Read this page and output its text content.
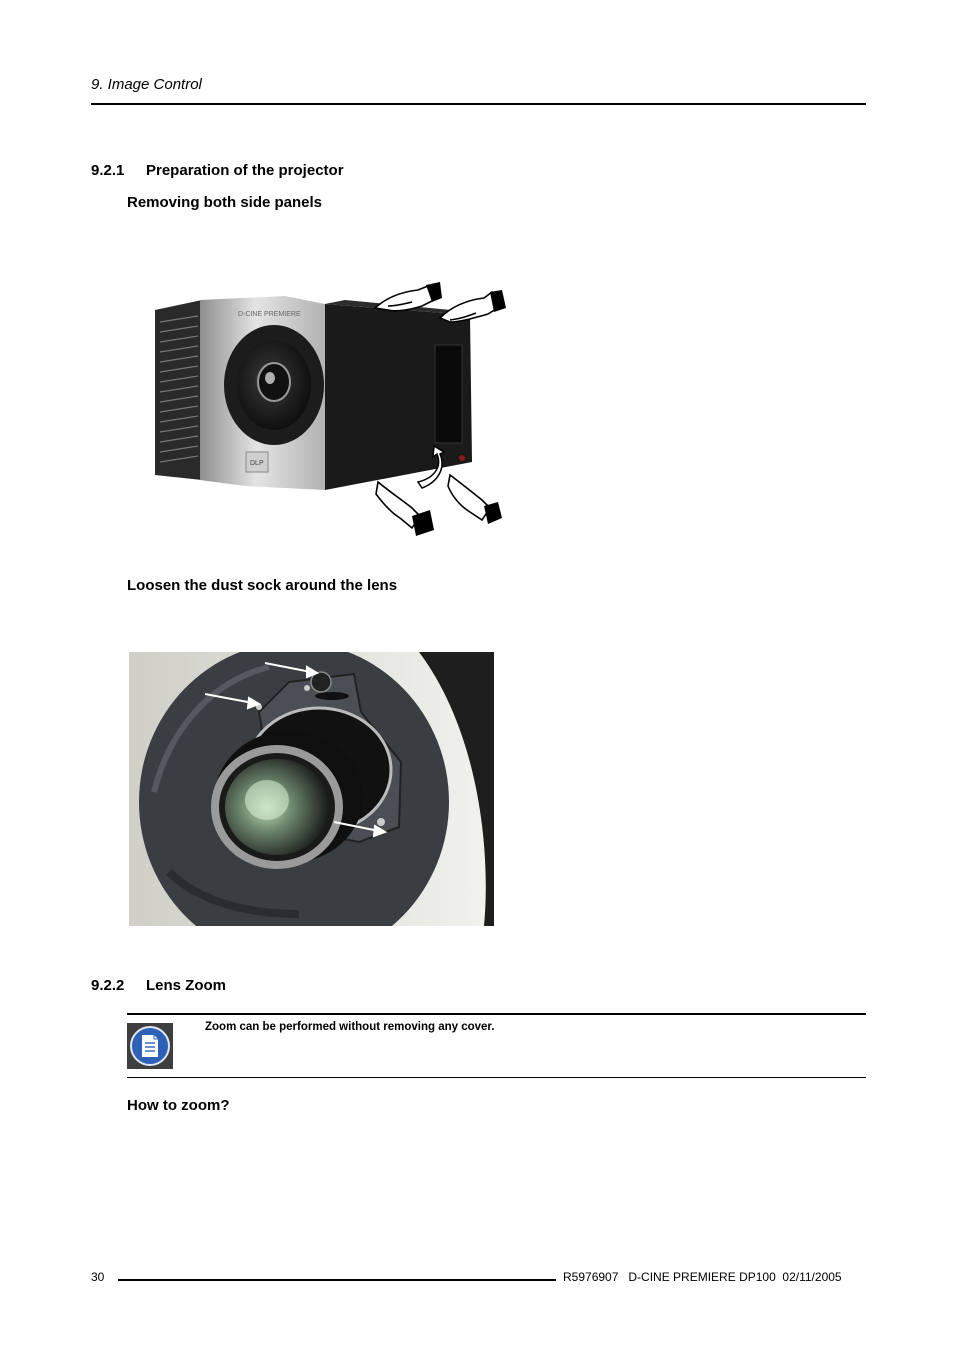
9. Image Control
9.2.1 Preparation of the projector
Removing both side panels
D-CINE PREMIERE
DLP
Loosen the dust sock around the lens
9.2.2 Lens Zoom
Zoom can be performed without removing any cover.
How to zoom?
30	R5976907   D-CINE PREMIERE DP100  02/11/2005
